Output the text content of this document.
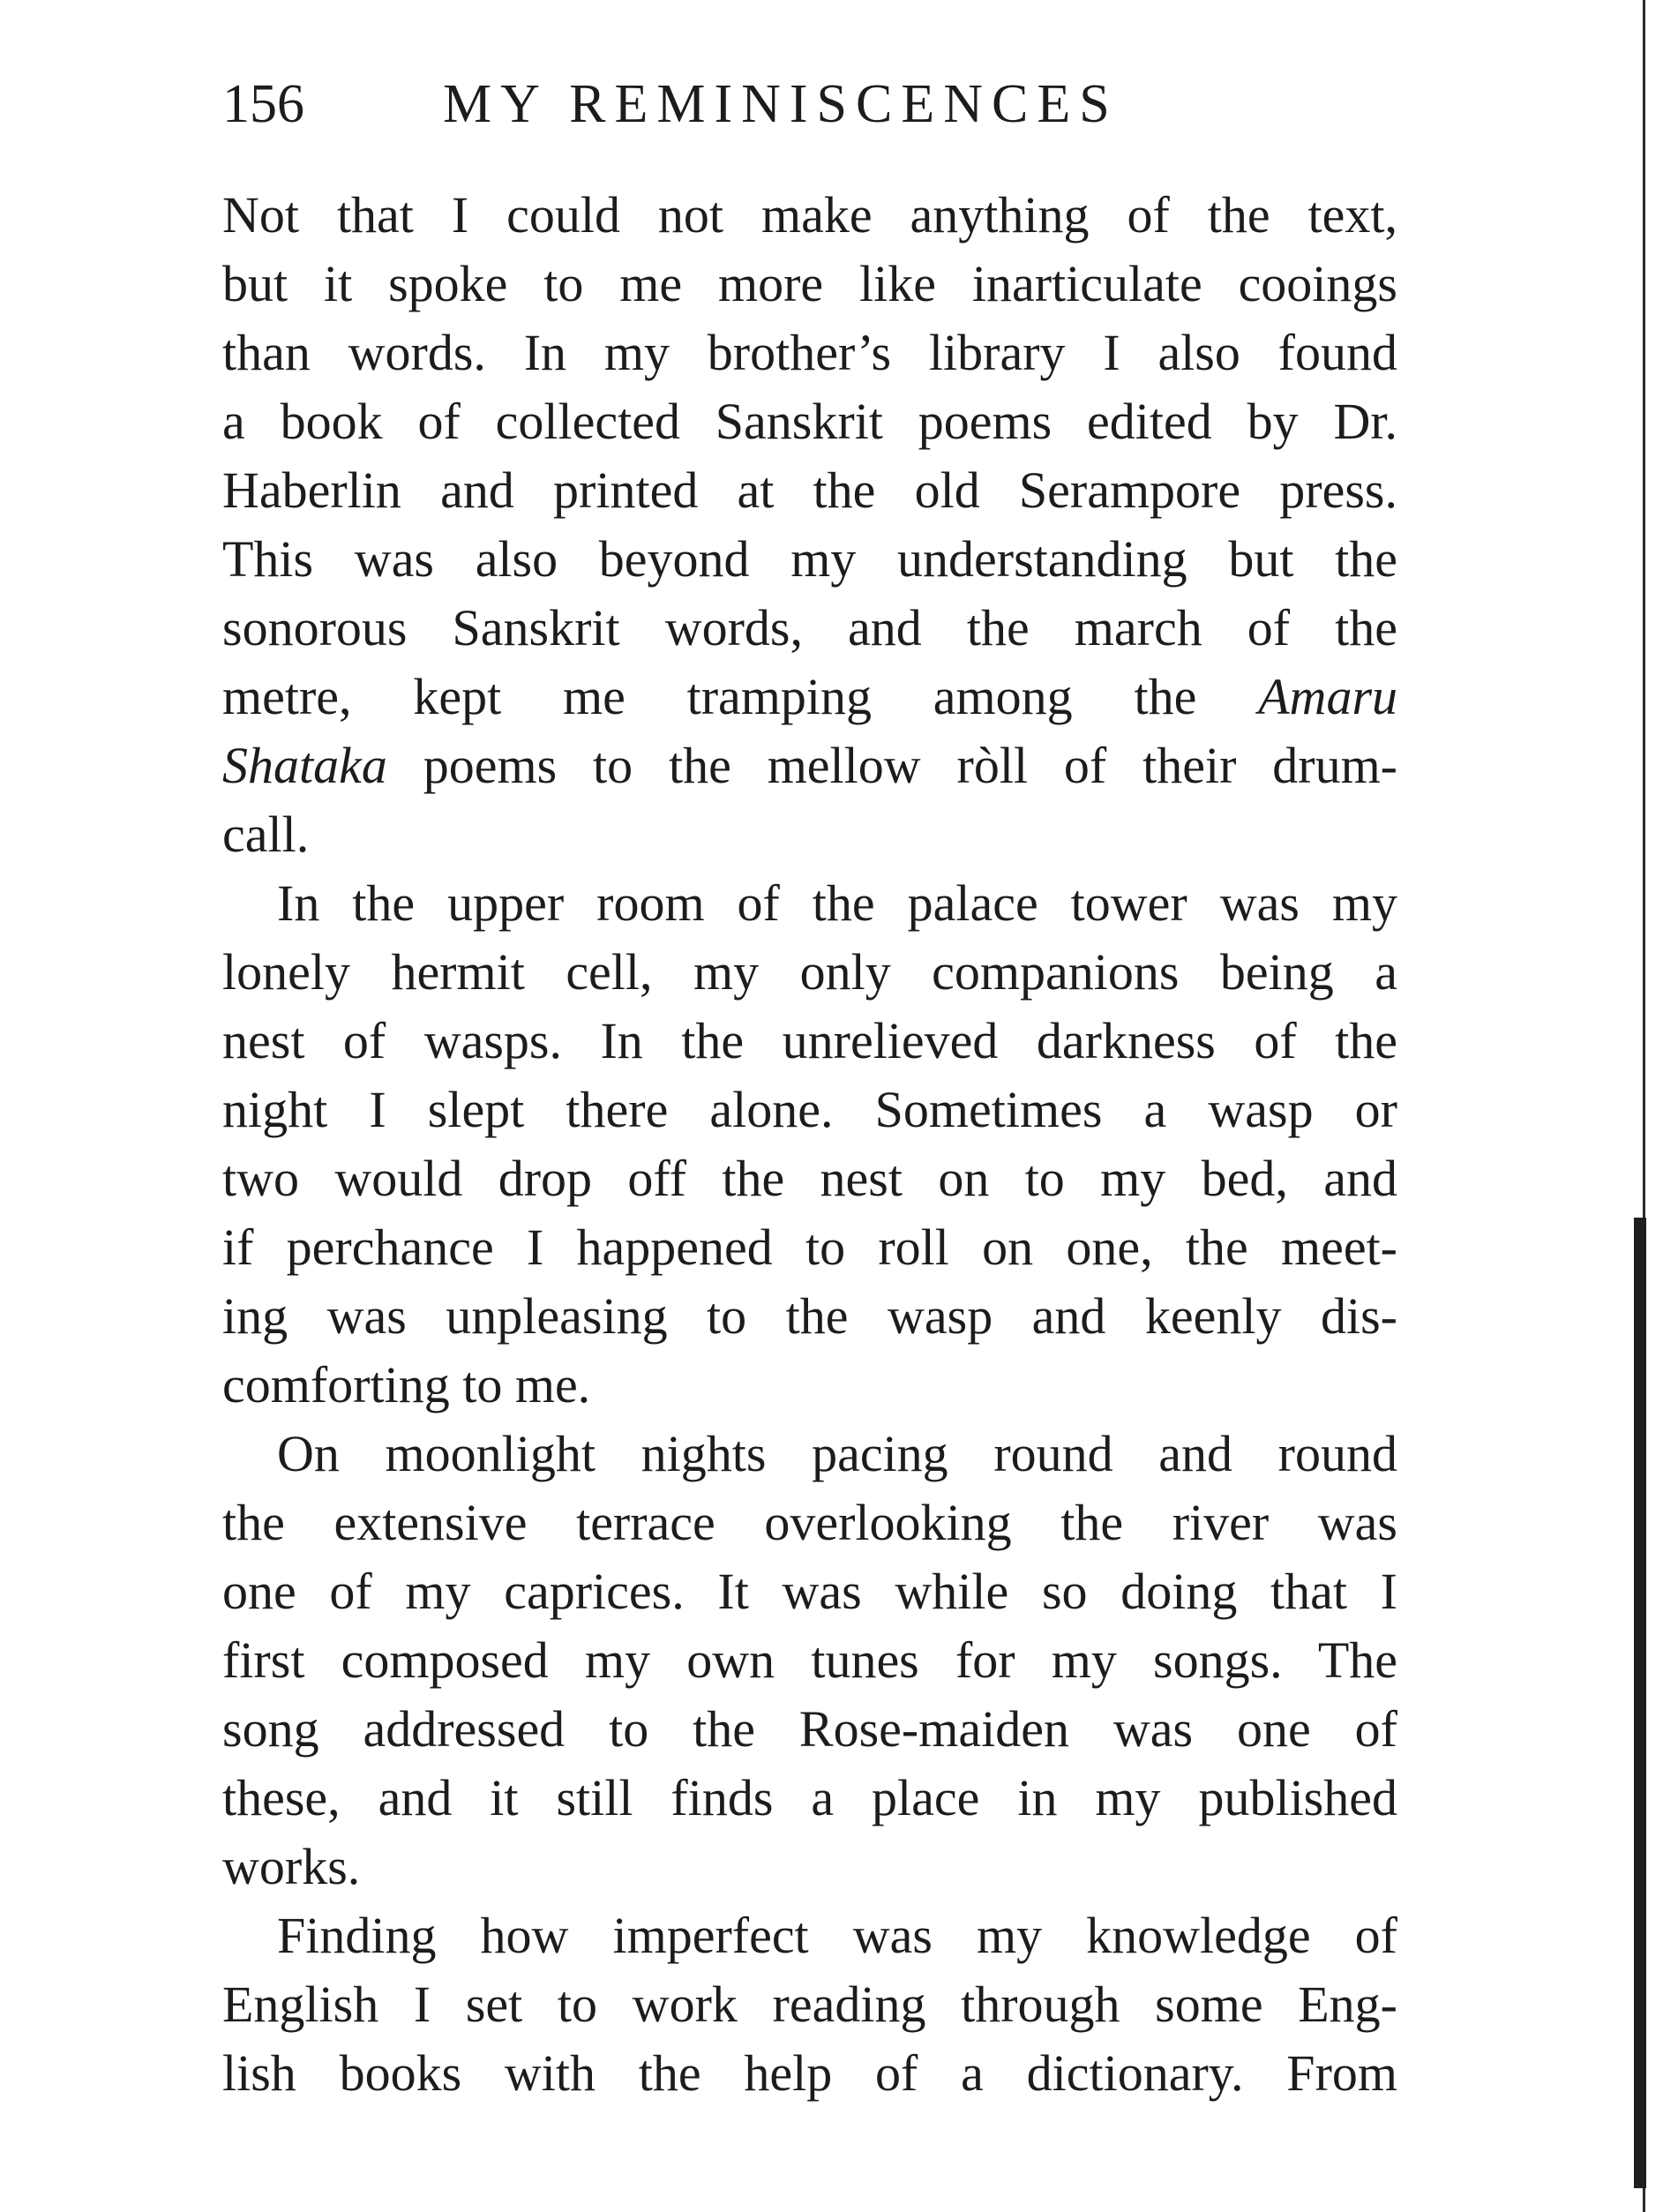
156	MY REMINISCENCES
Not that I could not make anything of the text,
but it spoke to me more like inarticulate cooings
than words. In my brother’s library I also found
a book of collected Sanskrit poems edited by Dr.
Haberlin and printed at the old Serampore press.
This was also beyond my understanding but the
sonorous Sanskrit words, and the march of the
metre, kept me tramping among the Amaru
Shataka poems to the mellow ròll of their drum-
call.
In the upper room of the palace tower was my
lonely hermit cell, my only companions being a
nest of wasps. In the unrelieved darkness of the
night I slept there alone. Sometimes a wasp or
two would drop off the nest on to my bed, and
if perchance I happened to roll on one, the meet-
ing was unpleasing to the wasp and keenly dis-
comforting to me.
On moonlight nights pacing round and round
the extensive terrace overlooking the river was
one of my caprices. It was while so doing that I
first composed my own tunes for my songs. The
song addressed to the Rose-maiden was one of
these, and it still finds a place in my published
works.
Finding how imperfect was my knowledge of
English I set to work reading through some Eng-
lish books with the help of a dictionary. From
